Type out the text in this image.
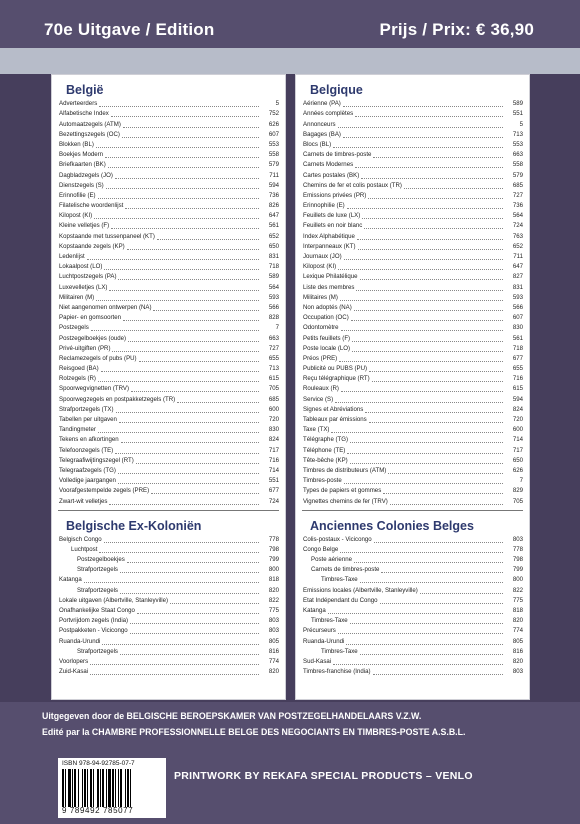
70e Uitgave / Edition	Prijs / Prix: € 36,90
België
Adverteerders	5
Alfabetische Index	752
Automaatzegels (ATM)	626
Bezettingszegels (OC)	607
Blokken (BL)	553
Boekjes Modern	558
Briefkaarten (BK)	579
Dagbladzegels (JO)	711
Dienstzegels (S)	594
Erinnofilie (E)	736
Filatelische woordenlijst	826
Kilopost (KI)	647
Kleine velletjes (F)	561
Kopstaande met tussenpaneel (KT)	652
Kopstaande zegels (KP)	650
Ledenlijst	831
Lokaalpost (LO)	718
Luchtpostzegels (PA)	589
Luxevelletjes (LX)	564
Militairen (M)	593
Niet aangenomen ontwerpen (NA)	566
Papier- en gomsoorten	828
Postzegels	7
Postzegelboekjes (oude)	663
Privé-uitgiften (PR)	727
Reclamezegels of pubs (PU)	655
Reisgoed (BA)	713
Rolzegels (R)	615
Spoorwegvignetten (TRV)	705
Spoorwegzegels en postpakketzegels (TR)	685
Strafportzegels (TX)	600
Tabellen per uitgaven	720
Tandingmeter	830
Tekens en afkortingen	824
Telefoonzegels (TE)	717
Telegraafiwijtingszegel (RT)	716
Telegraafzegels (TG)	714
Volledige jaargangen	551
Voorafgestempelde zegels (PRE)	677
Zwart-wit velletjes	724
Belgische Ex-Koloniën
Belgisch Congo	778
Luchtpost	798
Postzegelboekjes	799
Strafportzegels	800
Katanga	818
Strafportzegels	820
Lokale uitgaven (Albertville, Stanleyville)	822
Onafhankelijke Staat Congo	775
Portvrijdom zegels (India)	803
Postpakketen - Vicicongo	803
Ruanda-Urundi	805
Strafportzegels	816
Voorlopers	774
Zuid-Kasai	820
Belgique
Aérienne (PA)	589
Années complètes	551
Annonceurs	5
Bagages (BA)	713
Blocs (BL)	553
Carnets de timbres-poste	663
Carnets Modernes	558
Cartes postales (BK)	579
Chemins de fer et colis postaux (TR)	685
Emissions privées (PR)	727
Erinnophilie (E)	736
Feuillets de luxe (LX)	564
Feuillets en noir blanc	724
Index Alphabétique	763
Interpanneaux (KT)	652
Journaux (JO)	711
Kilopost (KI)	647
Lexique Philatélique	827
Liste des membres	831
Militaires (M)	593
Non adoptés (NA)	566
Occupation (OC)	607
Odontomètre	830
Petits feuillets (F)	561
Poste locale (LO)	718
Préos (PRE)	677
Publicité ou PUBS (PU)	655
Reçu télégraphique (RT)	716
Rouleaux (R)	615
Service (S)	594
Signes et Abréviations	824
Tableaux par émissions	720
Taxe (TX)	600
Télégraphe (TG)	714
Téléphone (TE)	717
Tête-bêche (KP)	650
Timbres de distributeurs (ATM)	626
Timbres-poste	7
Types de papiers et gommes	829
Vignettes chemins de fer (TRV)	705
Anciennes Colonies Belges
Colis-postaux - Vicicongo	803
Congo Belge	778
Poste aérienne	798
Carnets de timbres-poste	799
Timbres-Taxe	800
Emissions locales (Albertville, Stanleyville)	822
Etat Indépendant du Congo	775
Katanga	818
Timbres-Taxe	820
Précurseurs	774
Ruanda-Urundi	805
Timbres-Taxe	816
Sud-Kasai	820
Timbres-franchise (India)	803
Uitgegeven door de BELGISCHE BEROEPSKAMER VAN POSTZEGELHANDELAARS V.Z.W.
Edité par la CHAMBRE PROFESSIONNELLE BELGE DES NEGOCIANTS EN TIMBRES-POSTE A.S.B.L.
ISBN 978-94-92785-07-7
9 789492 785077
PRINTWORK BY REKAFA SPECIAL PRODUCTS – VENLO
